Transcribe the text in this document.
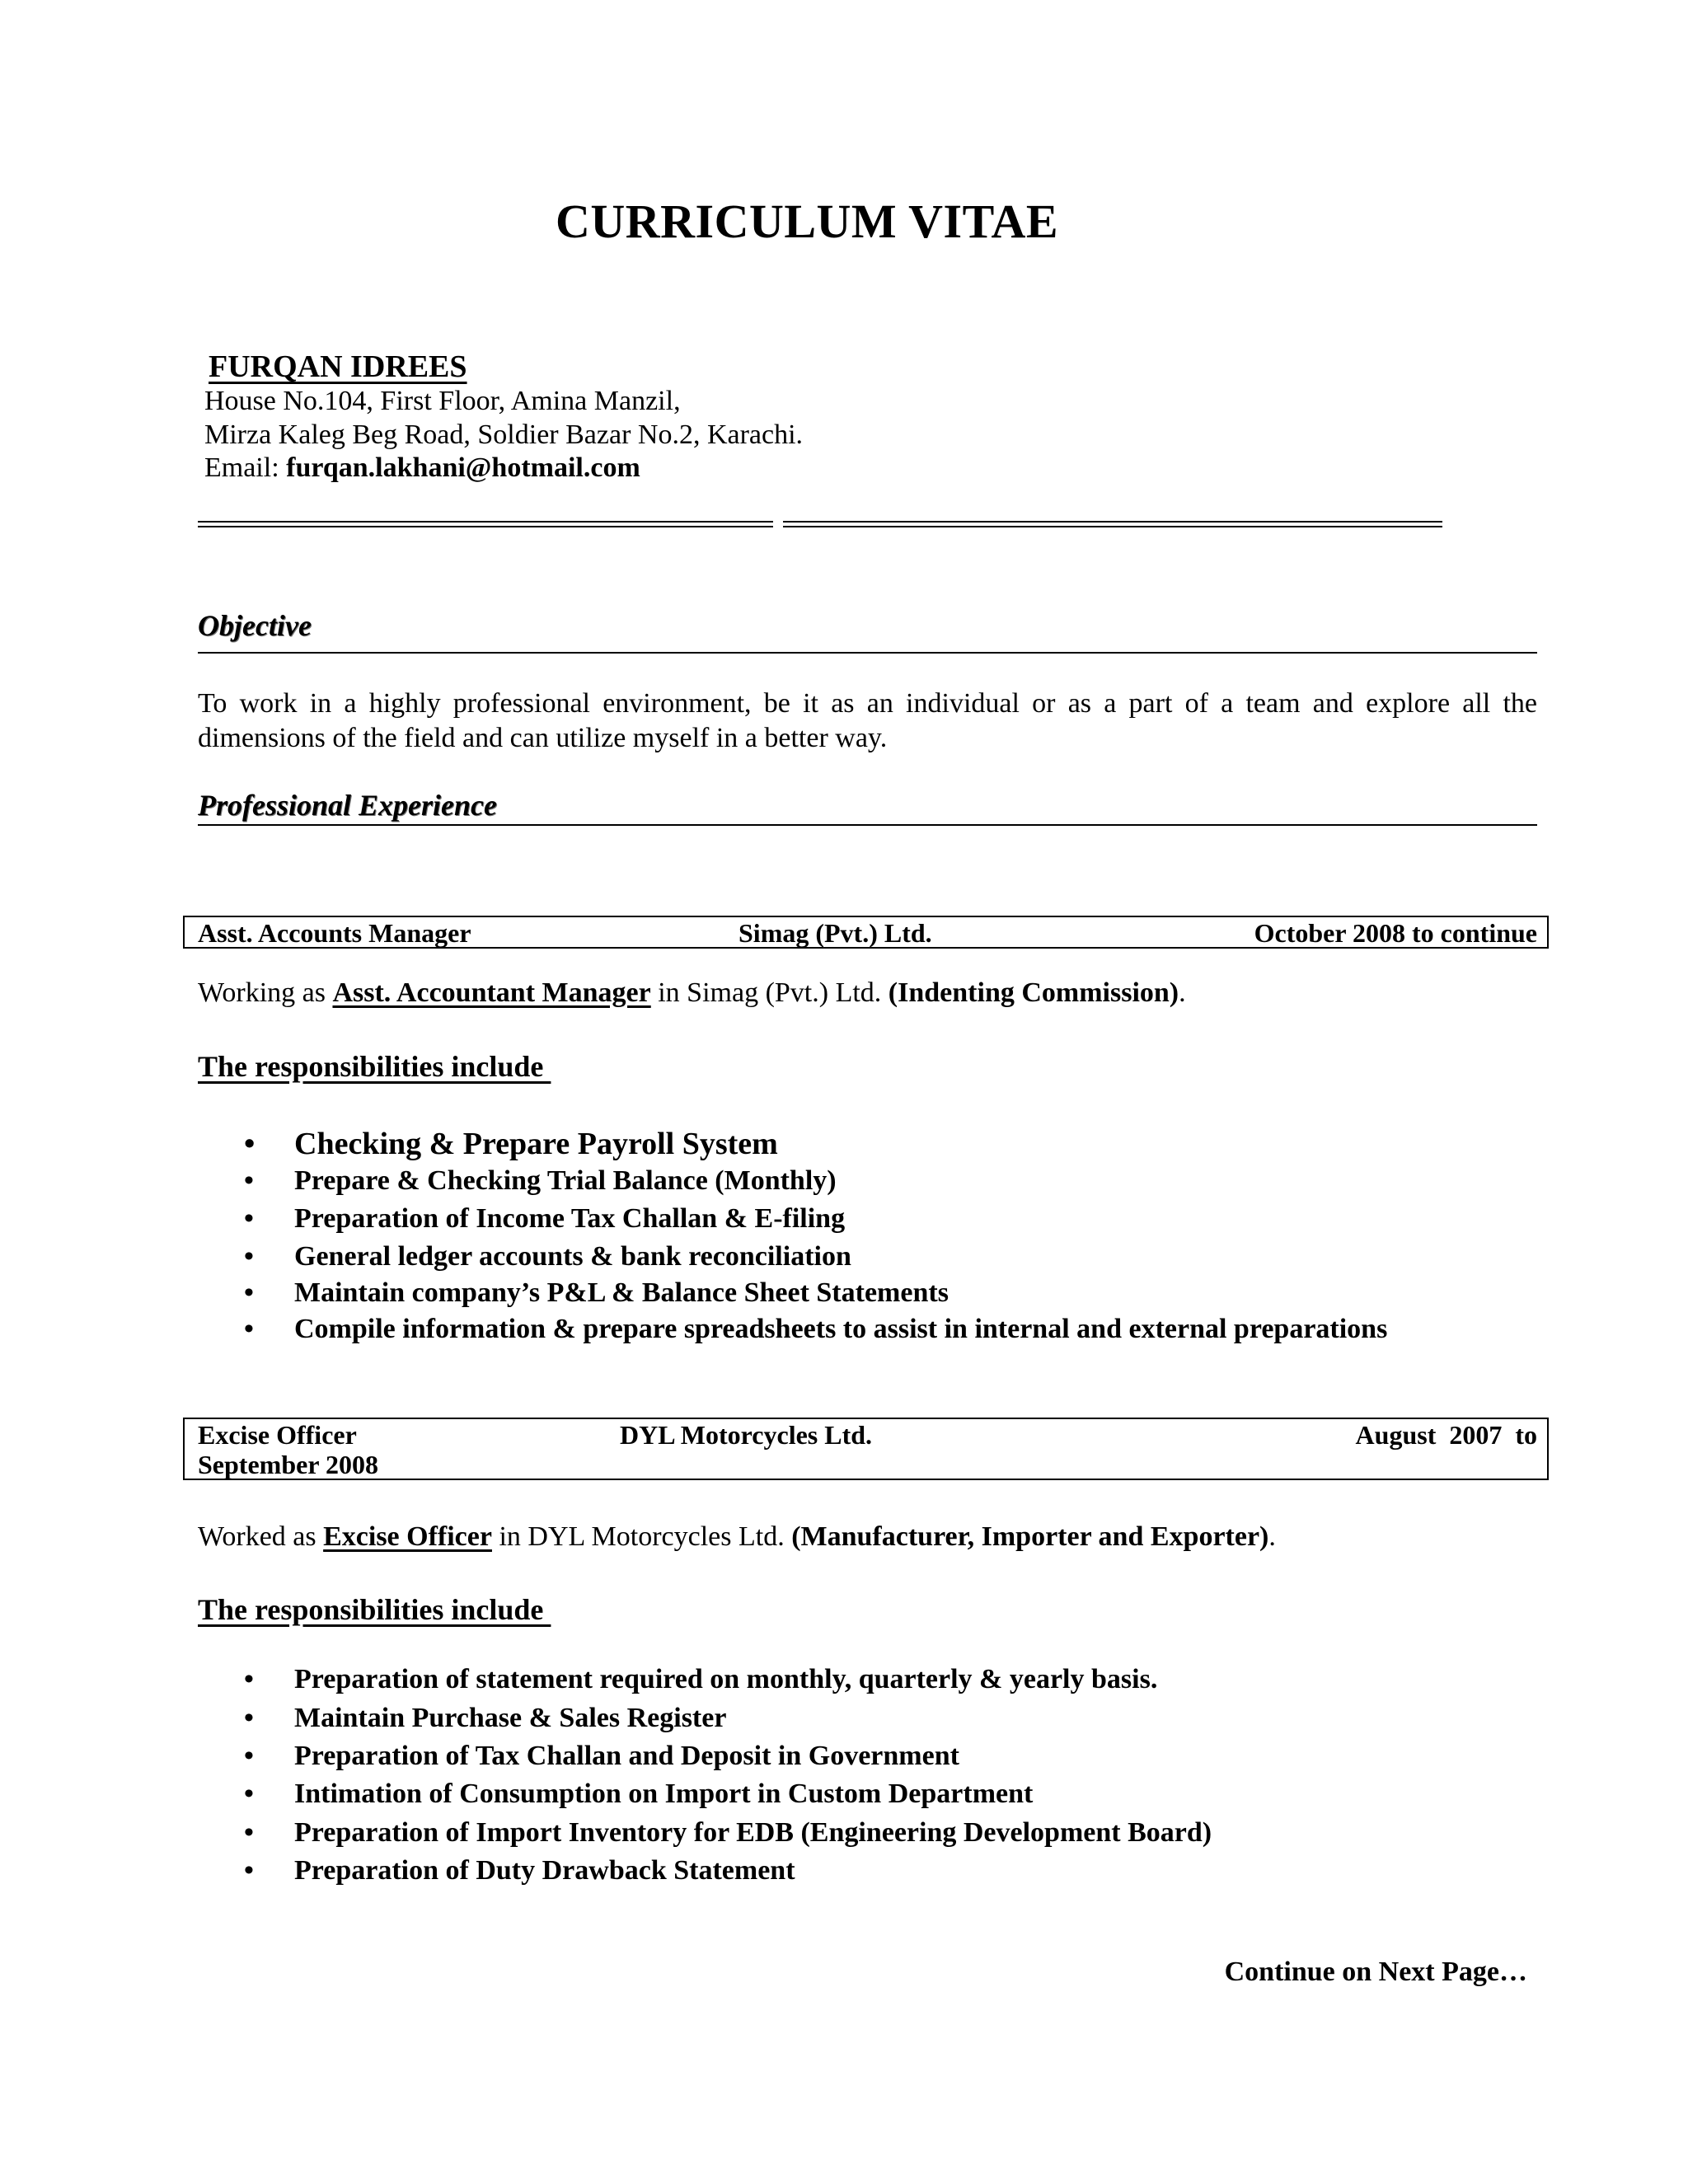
CURRICULUM VITAE
FURQAN IDREES
House No.104, First Floor, Amina Manzil,
Mirza Kaleg Beg Road, Soldier Bazar No.2, Karachi.
Email: furqan.lakhani@hotmail.com
Objective
To work in a highly professional environment, be it as an individual or as a part of a team and explore all the
dimensions of the field and can utilize myself in a better way.
Professional Experience
Asst. Accounts Manager	Simag (Pvt.) Ltd.	October 2008 to continue
Working as Asst. Accountant Manager in Simag (Pvt.) Ltd. (Indenting Commission).
The responsibilities include
• Checking & Prepare Payroll System
• Prepare & Checking Trial Balance (Monthly)
• Preparation of Income Tax Challan & E-filing
• General ledger accounts & bank reconciliation
• Maintain company’s P&L & Balance Sheet Statements
• Compile information & prepare spreadsheets to assist in internal and external preparations
Excise Officer	DYL Motorcycles Ltd.	August  2007  to
September 2008
Worked as Excise Officer in DYL Motorcycles Ltd. (Manufacturer, Importer and Exporter).
The responsibilities include
• Preparation of statement required on monthly, quarterly & yearly basis.
• Maintain Purchase & Sales Register
• Preparation of Tax Challan and Deposit in Government
• Intimation of Consumption on Import in Custom Department
• Preparation of Import Inventory for EDB (Engineering Development Board)
• Preparation of Duty Drawback Statement
Continue on Next Page…
